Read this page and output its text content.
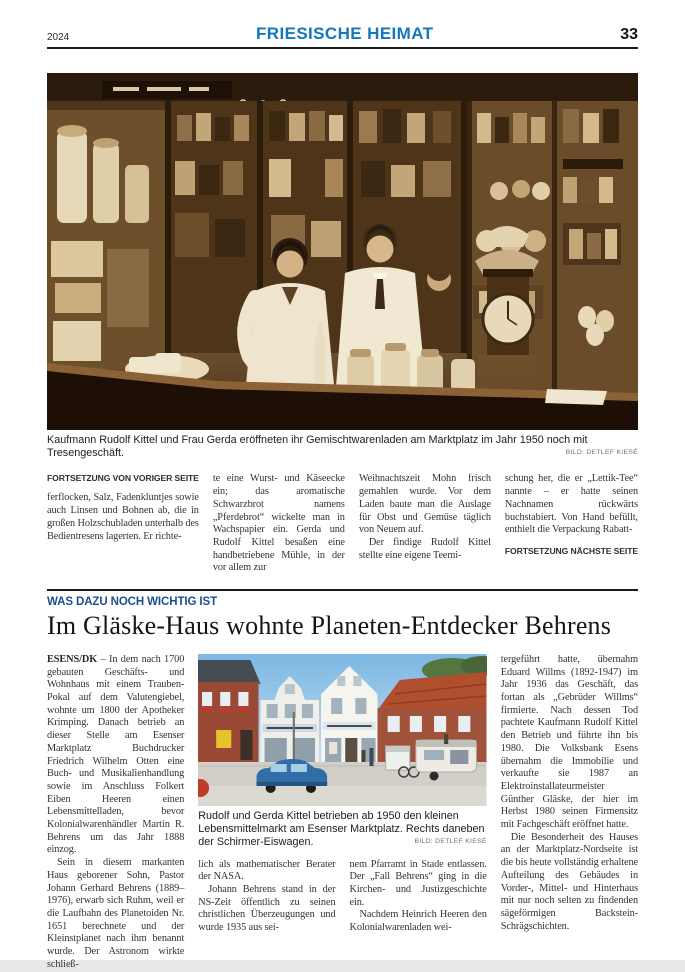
2024	FRIESISCHE HEIMAT	33
Kaufmann Rudolf Kittel und Frau Gerda eröffneten ihr Gemischtwarenladen am Marktplatz im Jahr 1950 noch mit Tresengeschäft.	BILD: DETLEF KIESÉ
FORTSETZUNG VON VORIGER SEITE

ferflocken, Salz, Fadenkluntjes sowie auch Linsen und Bohnen ab, die in großen Holzschubladen unterhalb des Bedientresens lagerten. Er richte-

te eine Wurst- und Käseecke ein; das aromatische Schwarzbrot namens „Pferdebrot“ wickelte man in Wachspapier ein. Gerda und Rudolf Kittel besaßen eine handbetriebene Mühle, in der vor allem zur

Weihnachtszeit Mohn frisch gemahlen wurde. Vor dem Laden baute man die Auslage für Obst und Gemüse täglich von Neuem auf.

Der findige Rudolf Kittel stellte eine eigene Teemi-

schung her, die er „Lettik-Tee“ nannte – er hatte seinen Nachnamen rückwärts buchstabiert. Von Hand befüllt, enthielt die Verpackung Rabatt-

FORTSETZUNG NÄCHSTE SEITE
WAS DAZU NOCH WICHTIG IST
Im Gläske-Haus wohnte Planeten-Entdecker Behrens

ESENS/DK – In dem nach 1700 gebauten Geschäfts- und Wohnhaus mit einem Trauben-Pokal auf dem Valutengiebel, wohnte um 1800 der Apotheker Krimping. Danach betrieb an dieser Stelle am Esenser Marktplatz Buchdrucker Friedrich Wilhelm Otten eine Buch- und Musikalienhandlung sowie im Anschluss Folkert Eiben Heeren einen Lebensmittelladen, bevor Kolonialwarenhändler Martin R. Behrens um das Jahr 1888 einzog.

Sein in diesem markanten Haus geborener Sohn, Pastor Johann Gerhard Behrens (1889–1976), erwarb sich Ruhm, weil er die Laufbahn des Planetoiden Nr. 1651 berechnete und der Kleinstplanet nach ihm benannt wurde. Der Astronom wirkte schließ-

Rudolf und Gerda Kittel betrieben ab 1950 den kleinen Lebensmittelmarkt am Esenser Marktplatz. Rechts daneben der Schirmer-Eiswagen.	BILD: DETLEF KIESÉ

lich als mathematischer Berater der NASA.

Johann Behrens stand in der NS-Zeit öffentlich zu seinen christlichen Überzeugungen und wurde 1935 aus sei-

nem Pfarramt in Stade entlassen. Der „Fall Behrens“ ging in die Kirchen- und Justizgeschichte ein.

Nachdem Heinrich Heeren den Kolonialwarenladen wei-

tergeführt hatte, übernahm Eduard Willms (1892-1947) im Jahr 1936 das Geschäft, das fortan als „Gebrüder Willms“ firmierte. Nach dessen Tod pachtete Kaufmann Rudolf Kittel den Betrieb und führte ihn bis 1980. Die Volksbank Esens übernahm die Immobilie und verkaufte sie 1987 an Elektroinstallateurmeister Günther Gläske, der hier im Herbst 1980 seinen Firmensitz mit Fachgeschäft eröffnet hatte.

Die Besonderheit des Hauses an der Marktplatz-Nordseite ist die bis heute vollständig erhaltene Aufteilung des Gebäudes in Vorder-, Mittel- und Hinterhaus mit nur noch selten zu findenden sägeförmigen Backstein-Schrägschichten.
